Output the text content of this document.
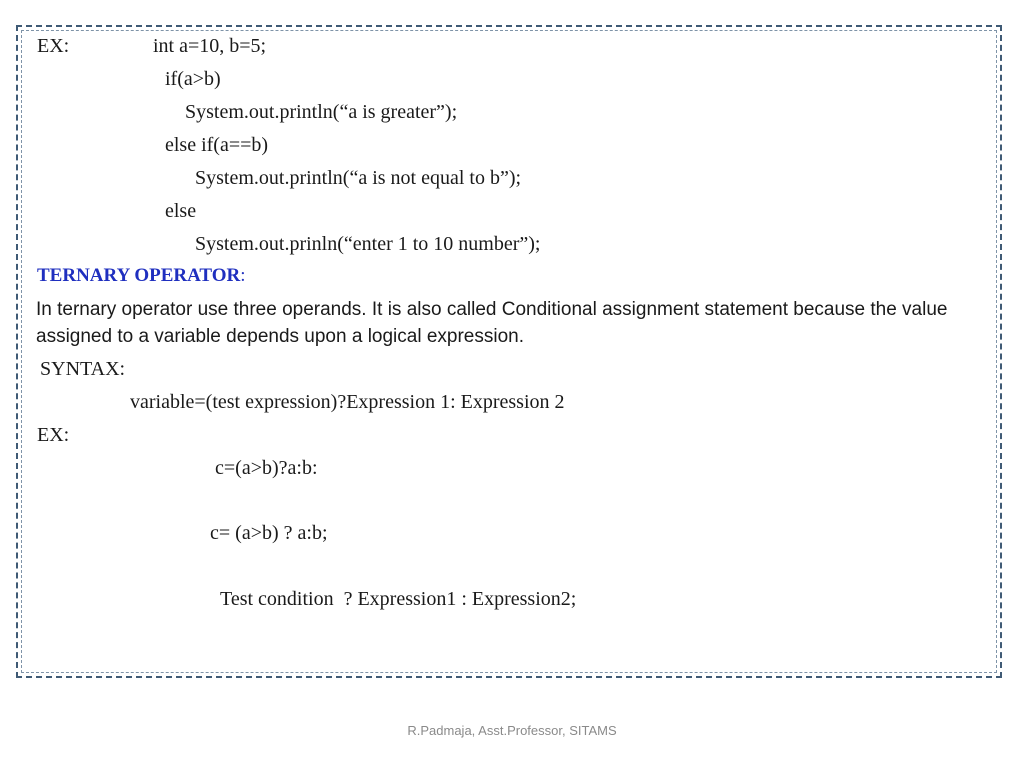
EX:	int a=10, b=5;
if(a>b)
System.out.println(“a is greater”);
else if(a==b)
System.out.println(“a is not equal to b”);
else
System.out.prinln(“enter 1 to 10 number”);
TERNARY OPERATOR:
In ternary operator use three operands. It is also called Conditional assignment statement because the value assigned to a variable depends upon a logical expression.
SYNTAX:
variable=(test expression)?Expression 1: Expression 2
EX:
c=(a>b)?a:b:
c= (a>b) ? a:b;
Test condition  ? Expression1 : Expression2;
R.Padmaja, Asst.Professor, SITAMS
